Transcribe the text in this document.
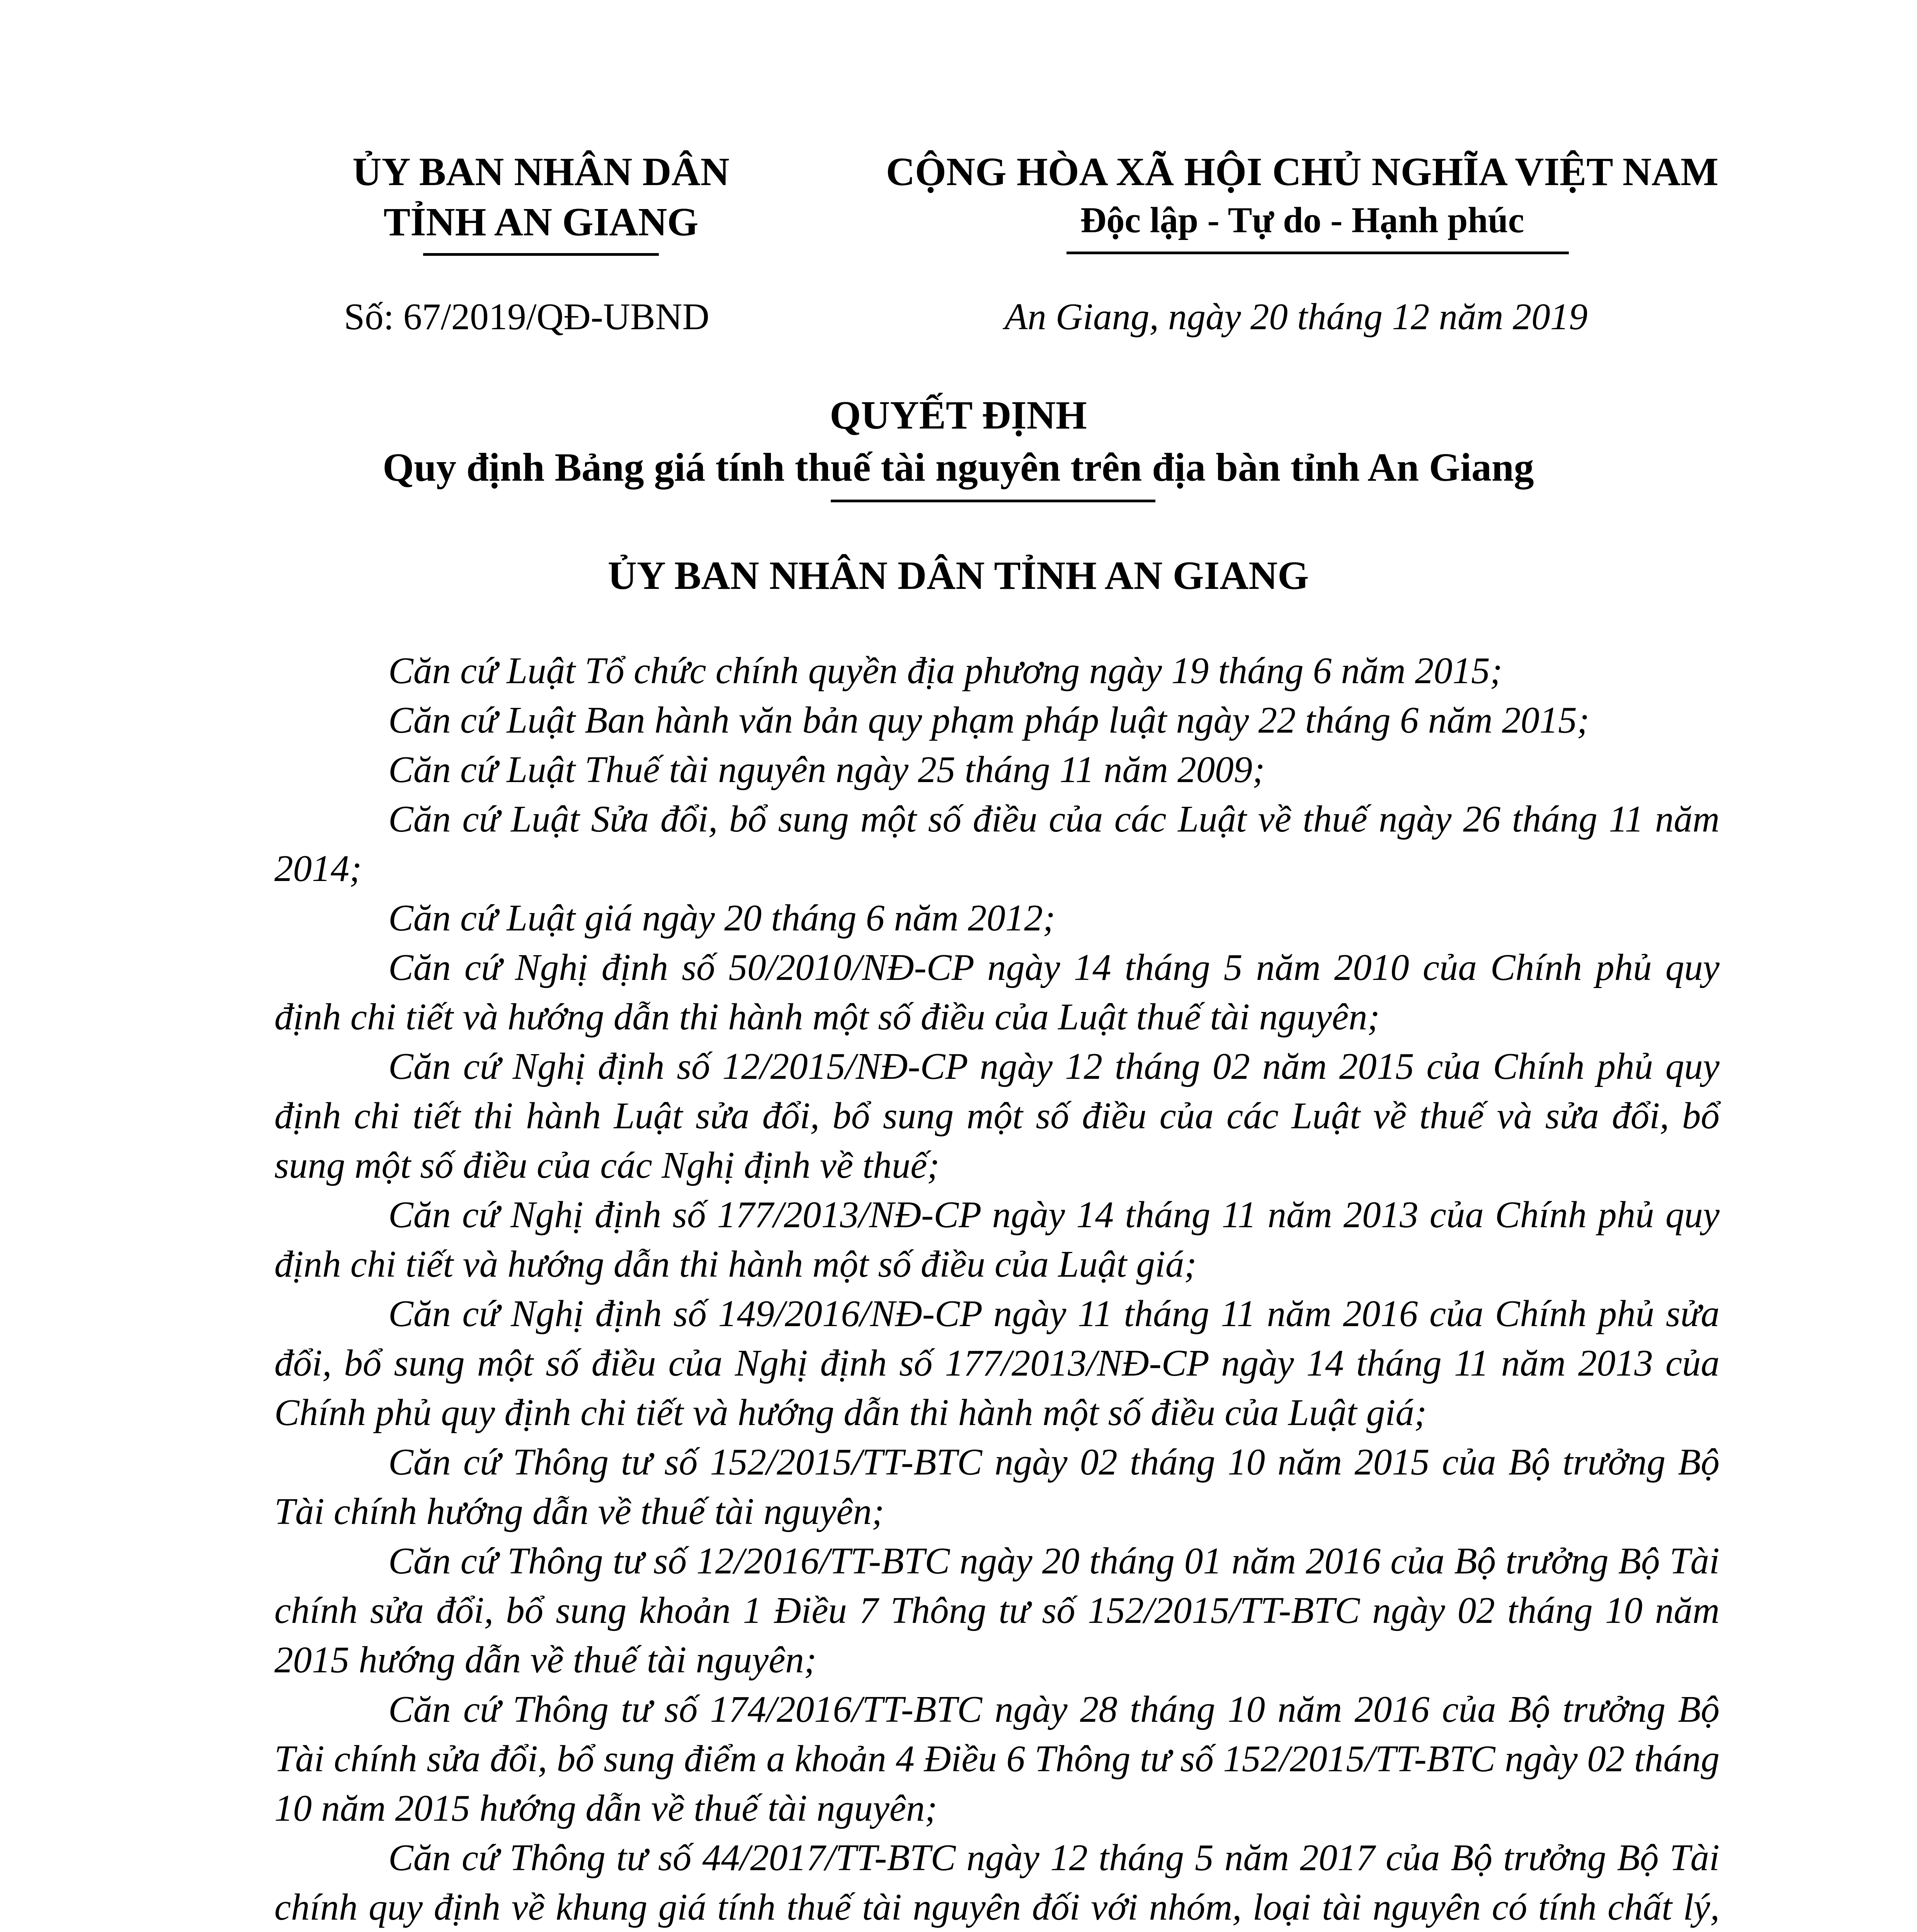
ỦY BAN NHÂN DÂN
TỈNH AN GIANG
CỘNG HÒA XÃ HỘI CHỦ NGHĨA VIỆT NAM
Độc lập - Tự do - Hạnh phúc
Số: 67/2019/QĐ-UBND	An Giang, ngày 20 tháng 12 năm 2019
QUYẾT ĐỊNH
Quy định Bảng giá tính thuế tài nguyên trên địa bàn tỉnh An Giang
ỦY BAN NHÂN DÂN TỈNH AN GIANG

Căn cứ Luật Tổ chức chính quyền địa phương ngày 19 tháng 6 năm 2015;

Căn cứ Luật Ban hành văn bản quy phạm pháp luật ngày 22 tháng 6 năm 2015;

Căn cứ Luật Thuế tài nguyên ngày 25 tháng 11 năm 2009;

Căn cứ Luật Sửa đổi, bổ sung một số điều của các Luật về thuế ngày 26 tháng 11 năm 2014;

Căn cứ Luật giá ngày 20 tháng 6 năm 2012;

Căn cứ Nghị định số 50/2010/NĐ-CP ngày 14 tháng 5 năm 2010 của Chính phủ quy định chi tiết và hướng dẫn thi hành một số điều của Luật thuế tài nguyên;

Căn cứ Nghị định số 12/2015/NĐ-CP ngày 12 tháng 02 năm 2015 của Chính phủ quy định chi tiết thi hành Luật sửa đổi, bổ sung một số điều của các Luật về thuế và sửa đổi, bổ sung một số điều của các Nghị định về thuế;

Căn cứ Nghị định số 177/2013/NĐ-CP ngày 14 tháng 11 năm 2013 của Chính phủ quy định chi tiết và hướng dẫn thi hành một số điều của Luật giá;

Căn cứ Nghị định số 149/2016/NĐ-CP ngày 11 tháng 11 năm 2016 của Chính phủ sửa đổi, bổ sung một số điều của Nghị định số 177/2013/NĐ-CP ngày 14 tháng 11 năm 2013 của Chính phủ quy định chi tiết và hướng dẫn thi hành một số điều của Luật giá;

Căn cứ Thông tư số 152/2015/TT-BTC ngày 02 tháng 10 năm 2015 của Bộ trưởng Bộ Tài chính hướng dẫn về thuế tài nguyên;

Căn cứ Thông tư số 12/2016/TT-BTC ngày 20 tháng 01 năm 2016 của Bộ trưởng Bộ Tài chính sửa đổi, bổ sung khoản 1 Điều 7 Thông tư số 152/2015/TT-BTC ngày 02 tháng 10 năm 2015 hướng dẫn về thuế tài nguyên;

Căn cứ Thông tư số 174/2016/TT-BTC ngày 28 tháng 10 năm 2016 của Bộ trưởng Bộ Tài chính sửa đổi, bổ sung điểm a khoản 4 Điều 6 Thông tư số 152/2015/TT-BTC ngày 02 tháng 10 năm 2015 hướng dẫn về thuế tài nguyên;

Căn cứ Thông tư số 44/2017/TT-BTC ngày 12 tháng 5 năm 2017 của Bộ trưởng Bộ Tài chính quy định về khung giá tính thuế tài nguyên đối với nhóm, loại tài nguyên có tính chất lý,
